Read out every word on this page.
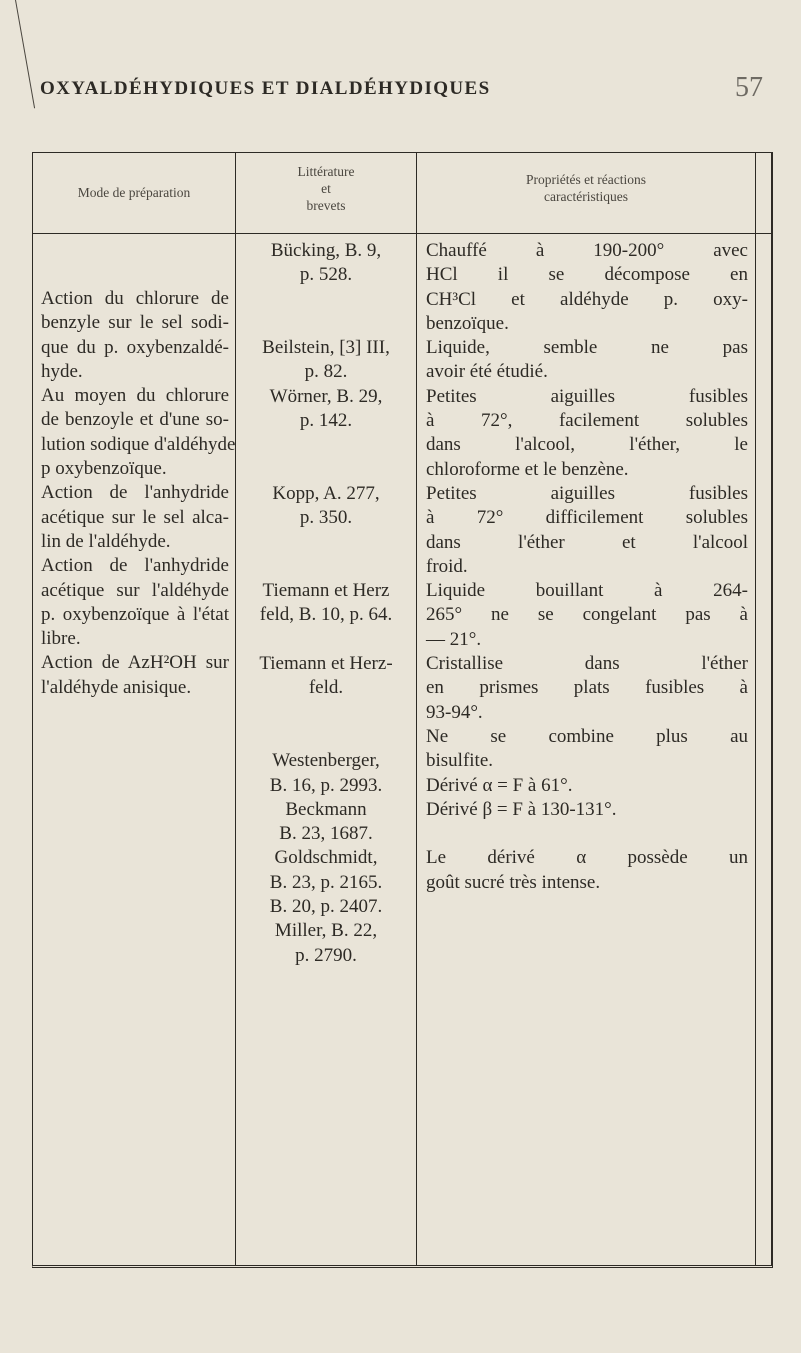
OXYALDÉHYDIQUES ET DIALDÉHYDIQUES	57
Mode de préparation
Littérature
et
brevets
Propriétés et réactions
caractéristiques
Action du chlorure de
benzyle sur le sel sodi-
que du p. oxybenzaldé-
hyde.
Au moyen du chlorure
de benzoyle et d'une so-
lution sodique d'aldéhyde
p oxybenzoïque.
Action de l'anhydride
acétique sur le sel alca-
lin de l'aldéhyde.
Action de l'anhydride
acétique sur l'aldéhyde
p. oxybenzoïque à l'état
libre.
Action de AzH²OH sur
l'aldéhyde anisique.
Bücking, B. 9,
p. 528.
Beilstein, [3] III,
p. 82.
Wörner, B. 29,
p. 142.
Kopp, A. 277,
p. 350.
Tiemann et Herz
feld, B. 10, p. 64.
Tiemann et Herz-
feld.
Westenberger,
B. 16, p. 2993.
Beckmann
B. 23, 1687.
Goldschmidt,
B. 23, p. 2165.
B. 20, p. 2407.
Miller, B. 22,
p. 2790.
Chauffé à 190-200° avec
HCl il se décompose en
CH³Cl et aldéhyde p. oxy-
benzoïque.
Liquide, semble ne pas
avoir été étudié.
Petites aiguilles fusibles
à 72°, facilement solubles
dans l'alcool, l'éther, le
chloroforme et le benzène.
Petites aiguilles fusibles
à 72° difficilement solubles
dans l'éther et l'alcool
froid.
Liquide bouillant à 264-
265° ne se congelant pas à
— 21°.
Cristallise dans l'éther
en prismes plats fusibles à
93-94°.
Ne se combine plus au
bisulfite.
Dérivé α = F à 61°.
Dérivé β = F à 130-131°.
Le dérivé α possède un
goût sucré très intense.
